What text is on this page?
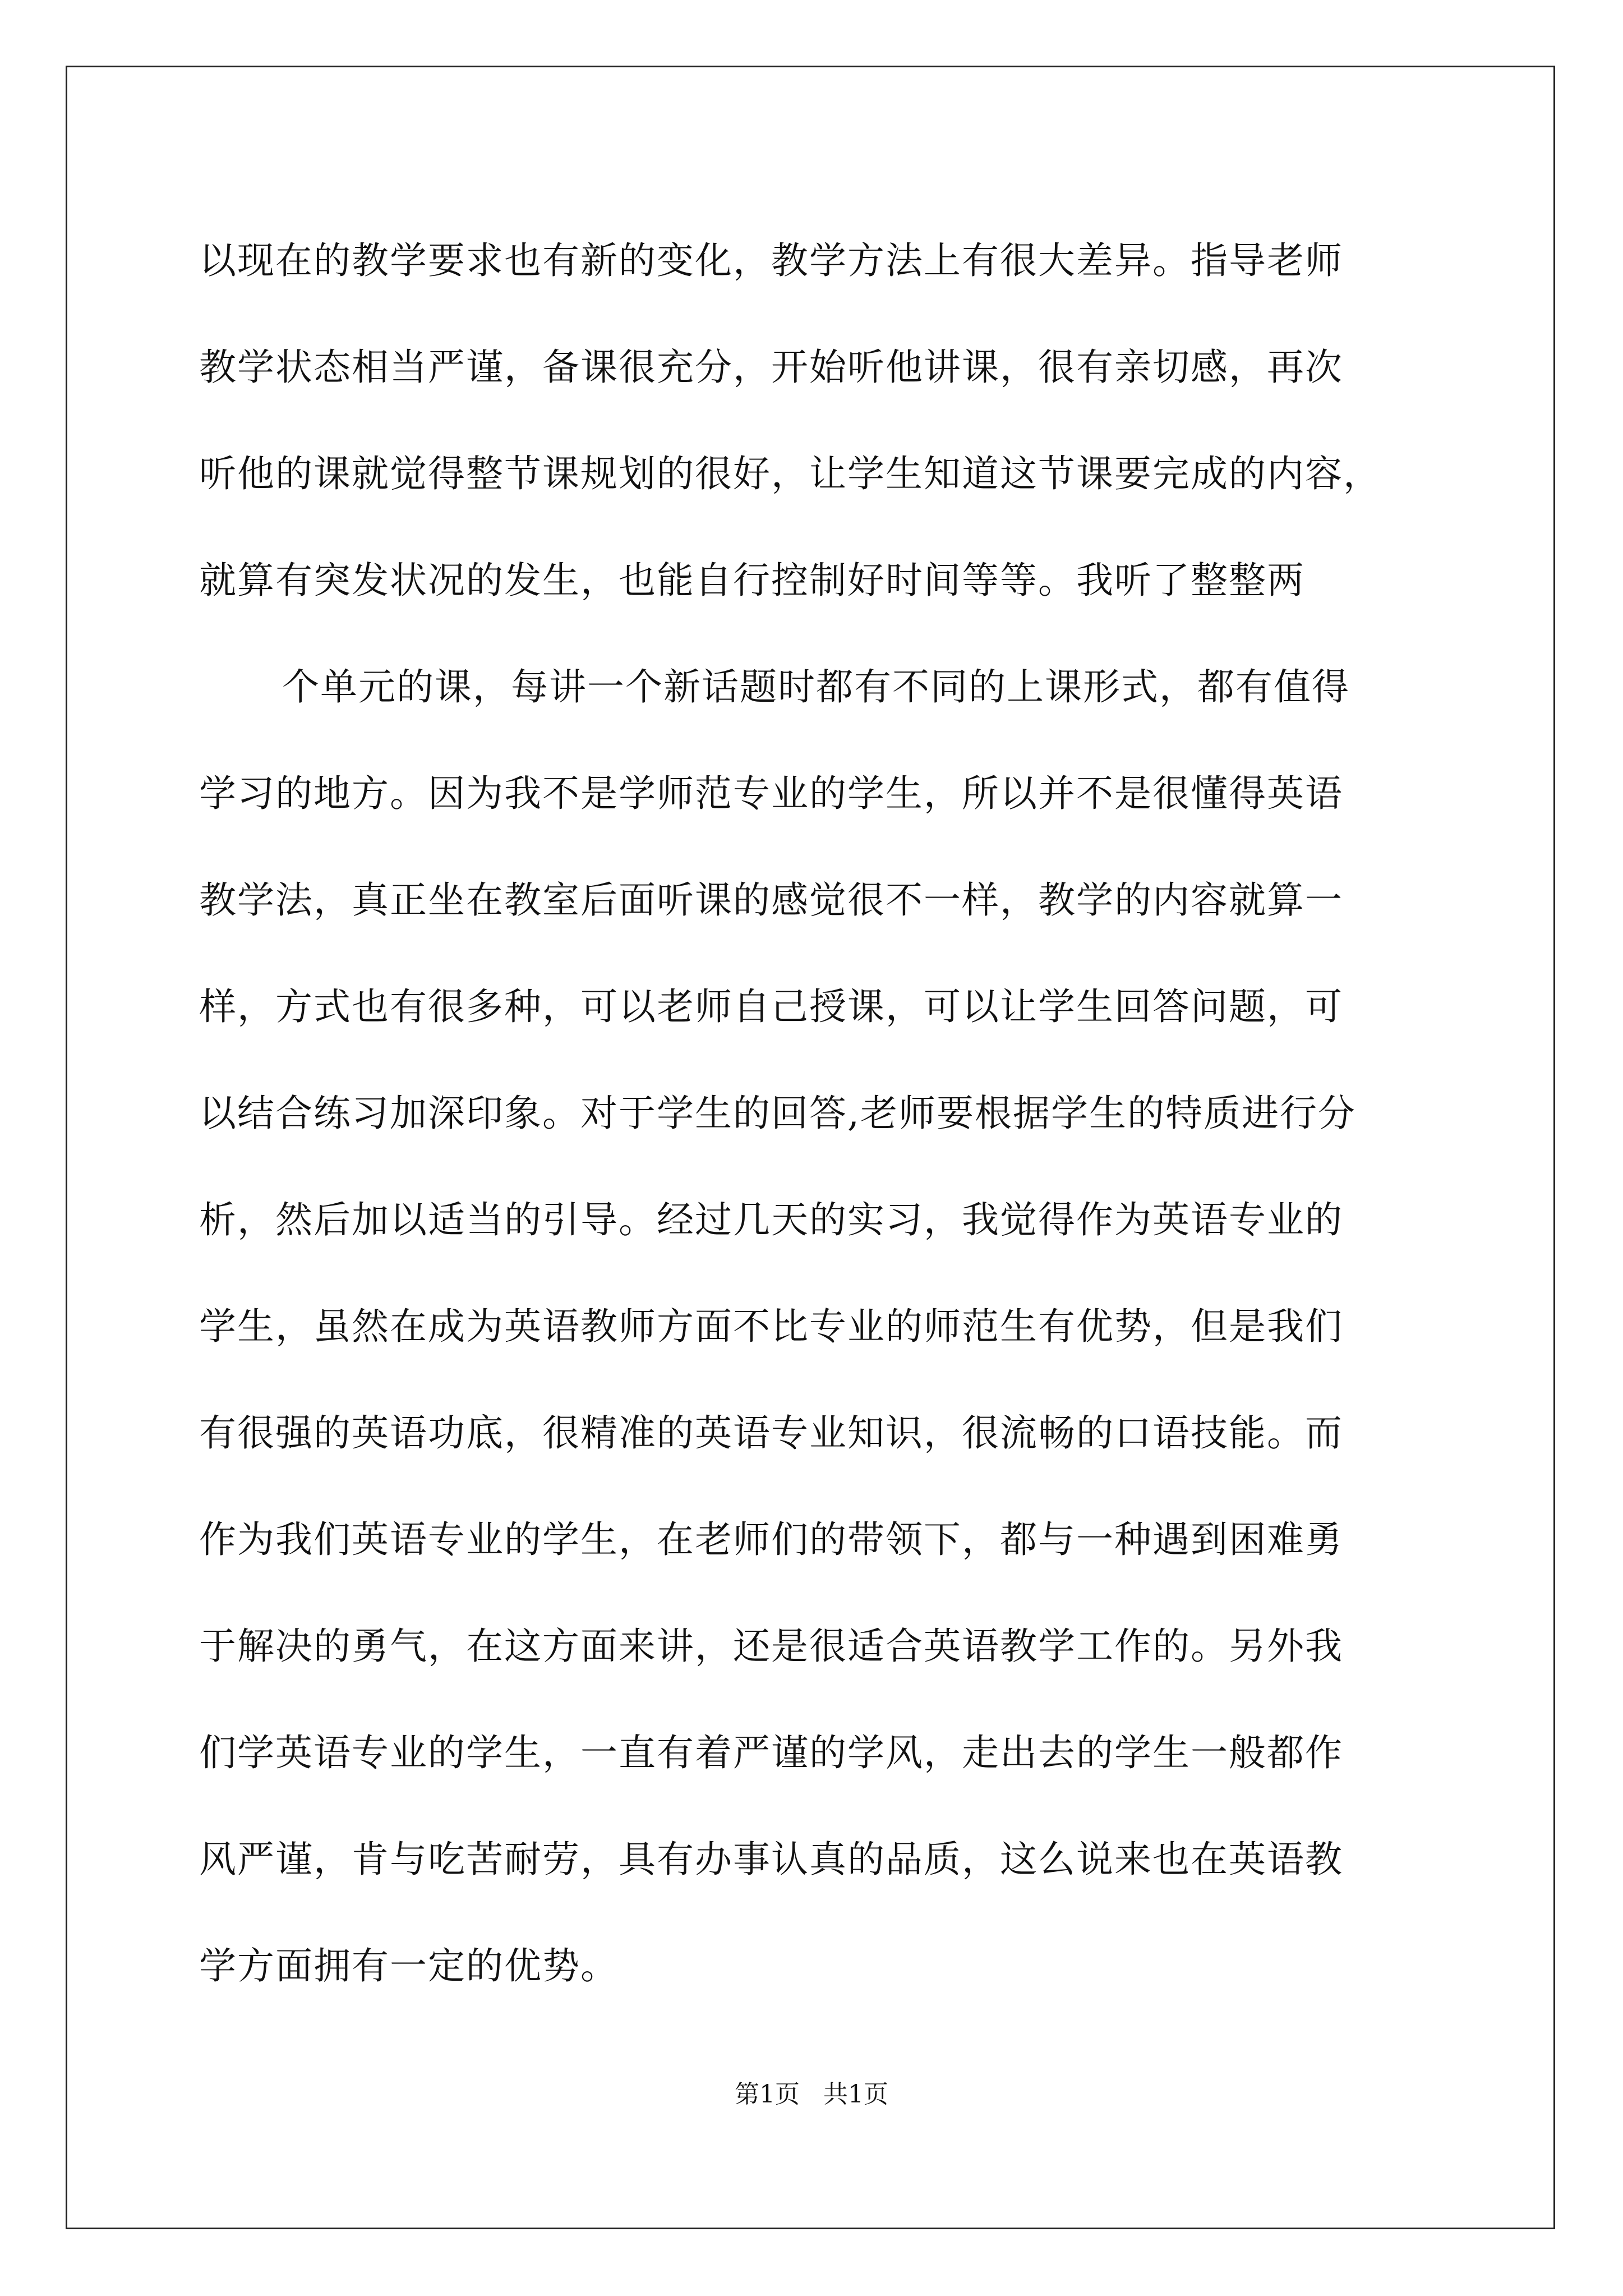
以现在的教学要求也有新的变化，教学方法上有很大差异。指导老师
教学状态相当严谨，备课很充分，开始听他讲课，很有亲切感，再次
听他的课就觉得整节课规划的很好，让学生知道这节课要完成的内容，
就算有突发状况的发生，也能自行控制好时间等等。我听了整整两
个单元的课，每讲一个新话题时都有不同的上课形式，都有值得
学习的地方。因为我不是学师范专业的学生，所以并不是很懂得英语
教学法，真正坐在教室后面听课的感觉很不一样，教学的内容就算一
样，方式也有很多种，可以老师自己授课，可以让学生回答问题，可
以结合练习加深印象。对于学生的回答,老师要根据学生的特质进行分
析，然后加以适当的引导。经过几天的实习，我觉得作为英语专业的
学生，虽然在成为英语教师方面不比专业的师范生有优势，但是我们
有很强的英语功底，很精准的英语专业知识，很流畅的口语技能。而
作为我们英语专业的学生，在老师们的带领下，都与一种遇到困难勇
于解决的勇气，在这方面来讲，还是很适合英语教学工作的。另外我
们学英语专业的学生，一直有着严谨的学风，走出去的学生一般都作
风严谨，肯与吃苦耐劳，具有办事认真的品质，这么说来也在英语教
学方面拥有一定的优势。
第1页   共1页
